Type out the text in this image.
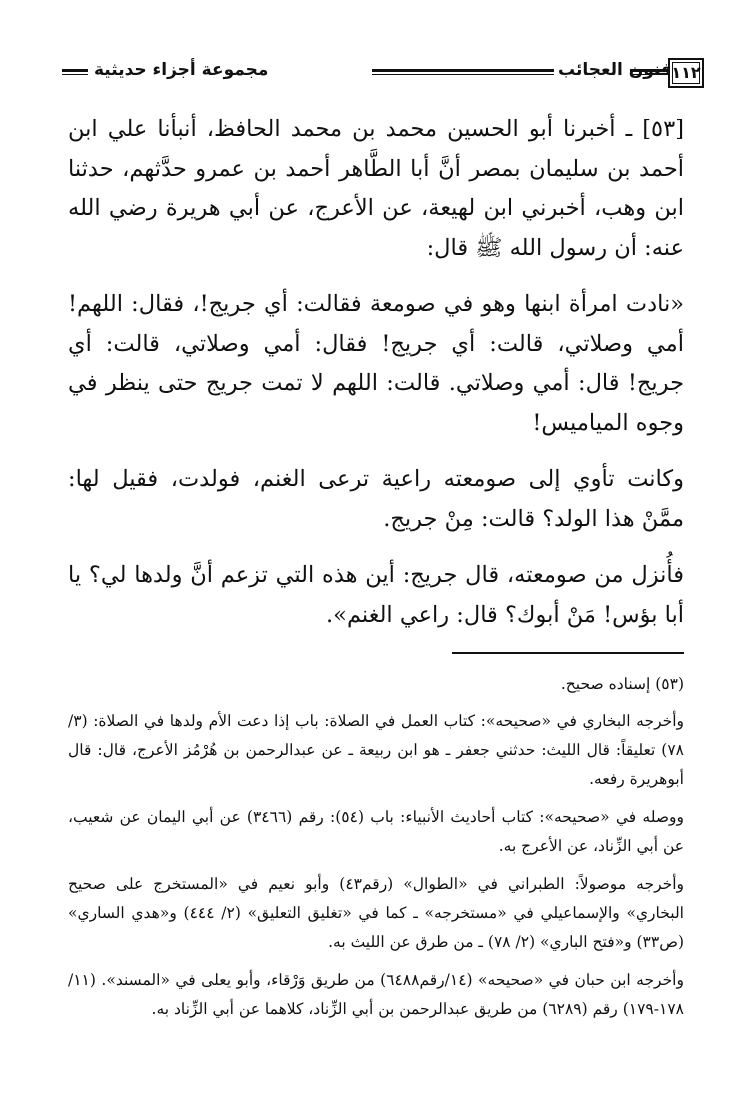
مجموعة أجزاء حديثية	فنون العجائب ١١٢

[٥٣] ـ أخبرنا أبو الحسين محمد بن محمد الحافظ، أنبأنا علي ابن أحمد بن سليمان بمصر أنَّ أبا الطَّاهر أحمد بن عمرو حدَّثهم، حدثنا ابن وهب، أخبرني ابن لهيعة، عن الأعرج، عن أبي هريرة رضي الله عنه: أن رسول الله ﷺ قال:

«نادت امرأة ابنها وهو في صومعة فقالت: أي جريج!، فقال: اللهم! أمي وصلاتي، قالت: أي جريج! فقال: أمي وصلاتي، قالت: أي جريج! قال: أمي وصلاتي. قالت: اللهم لا تمت جريج حتى ينظر في وجوه المياميس!

وكانت تأوي إلى صومعته راعية ترعى الغنم، فولدت، فقيل لها: ممَّنْ هذا الولد؟ قالت: مِنْ جريج.

فأُنزل من صومعته، قال جريج: أين هذه التي تزعم أنَّ ولدها لي؟ يا أبا بؤس! مَنْ أبوك؟ قال: راعي الغنم».

(٥٣) إسناده صحيح.

وأخرجه البخاري في «صحيحه»: كتاب العمل في الصلاة: باب إذا دعت الأم ولدها في الصلاة: (٣/ ٧٨) تعليقاً: قال الليث: حدثني جعفر ـ هو ابن ربيعة ـ عن عبدالرحمن بن هُرْمُز الأعرج، قال: قال أبوهريرة رفعه.

ووصله في «صحيحه»: كتاب أحاديث الأنبياء: باب (٥٤): رقم (٣٤٦٦) عن أبي اليمان عن شعيب، عن أبي الزِّناد، عن الأعرج به.

وأخرجه موصولاً: الطبراني في «الطوال» (رقم٤٣) وأبو نعيم في «المستخرج على صحيح البخاري» والإسماعيلي في «مستخرجه» ـ كما في «تغليق التعليق» (٢/ ٤٤٤) و«هدي الساري» (ص٣٣) و«فتح الباري» (٢/ ٧٨) ـ من طرق عن الليث به.

وأخرجه ابن حبان في «صحيحه» (١٤/رقم٦٤٨٨) من طريق وَرْقاء، وأبو يعلى في «المسند». (١١/ ١٧٨-١٧٩) رقم (٦٢٨٩) من طريق عبدالرحمن بن أبي الزِّناد، كلاهما عن أبي الزِّناد به.
